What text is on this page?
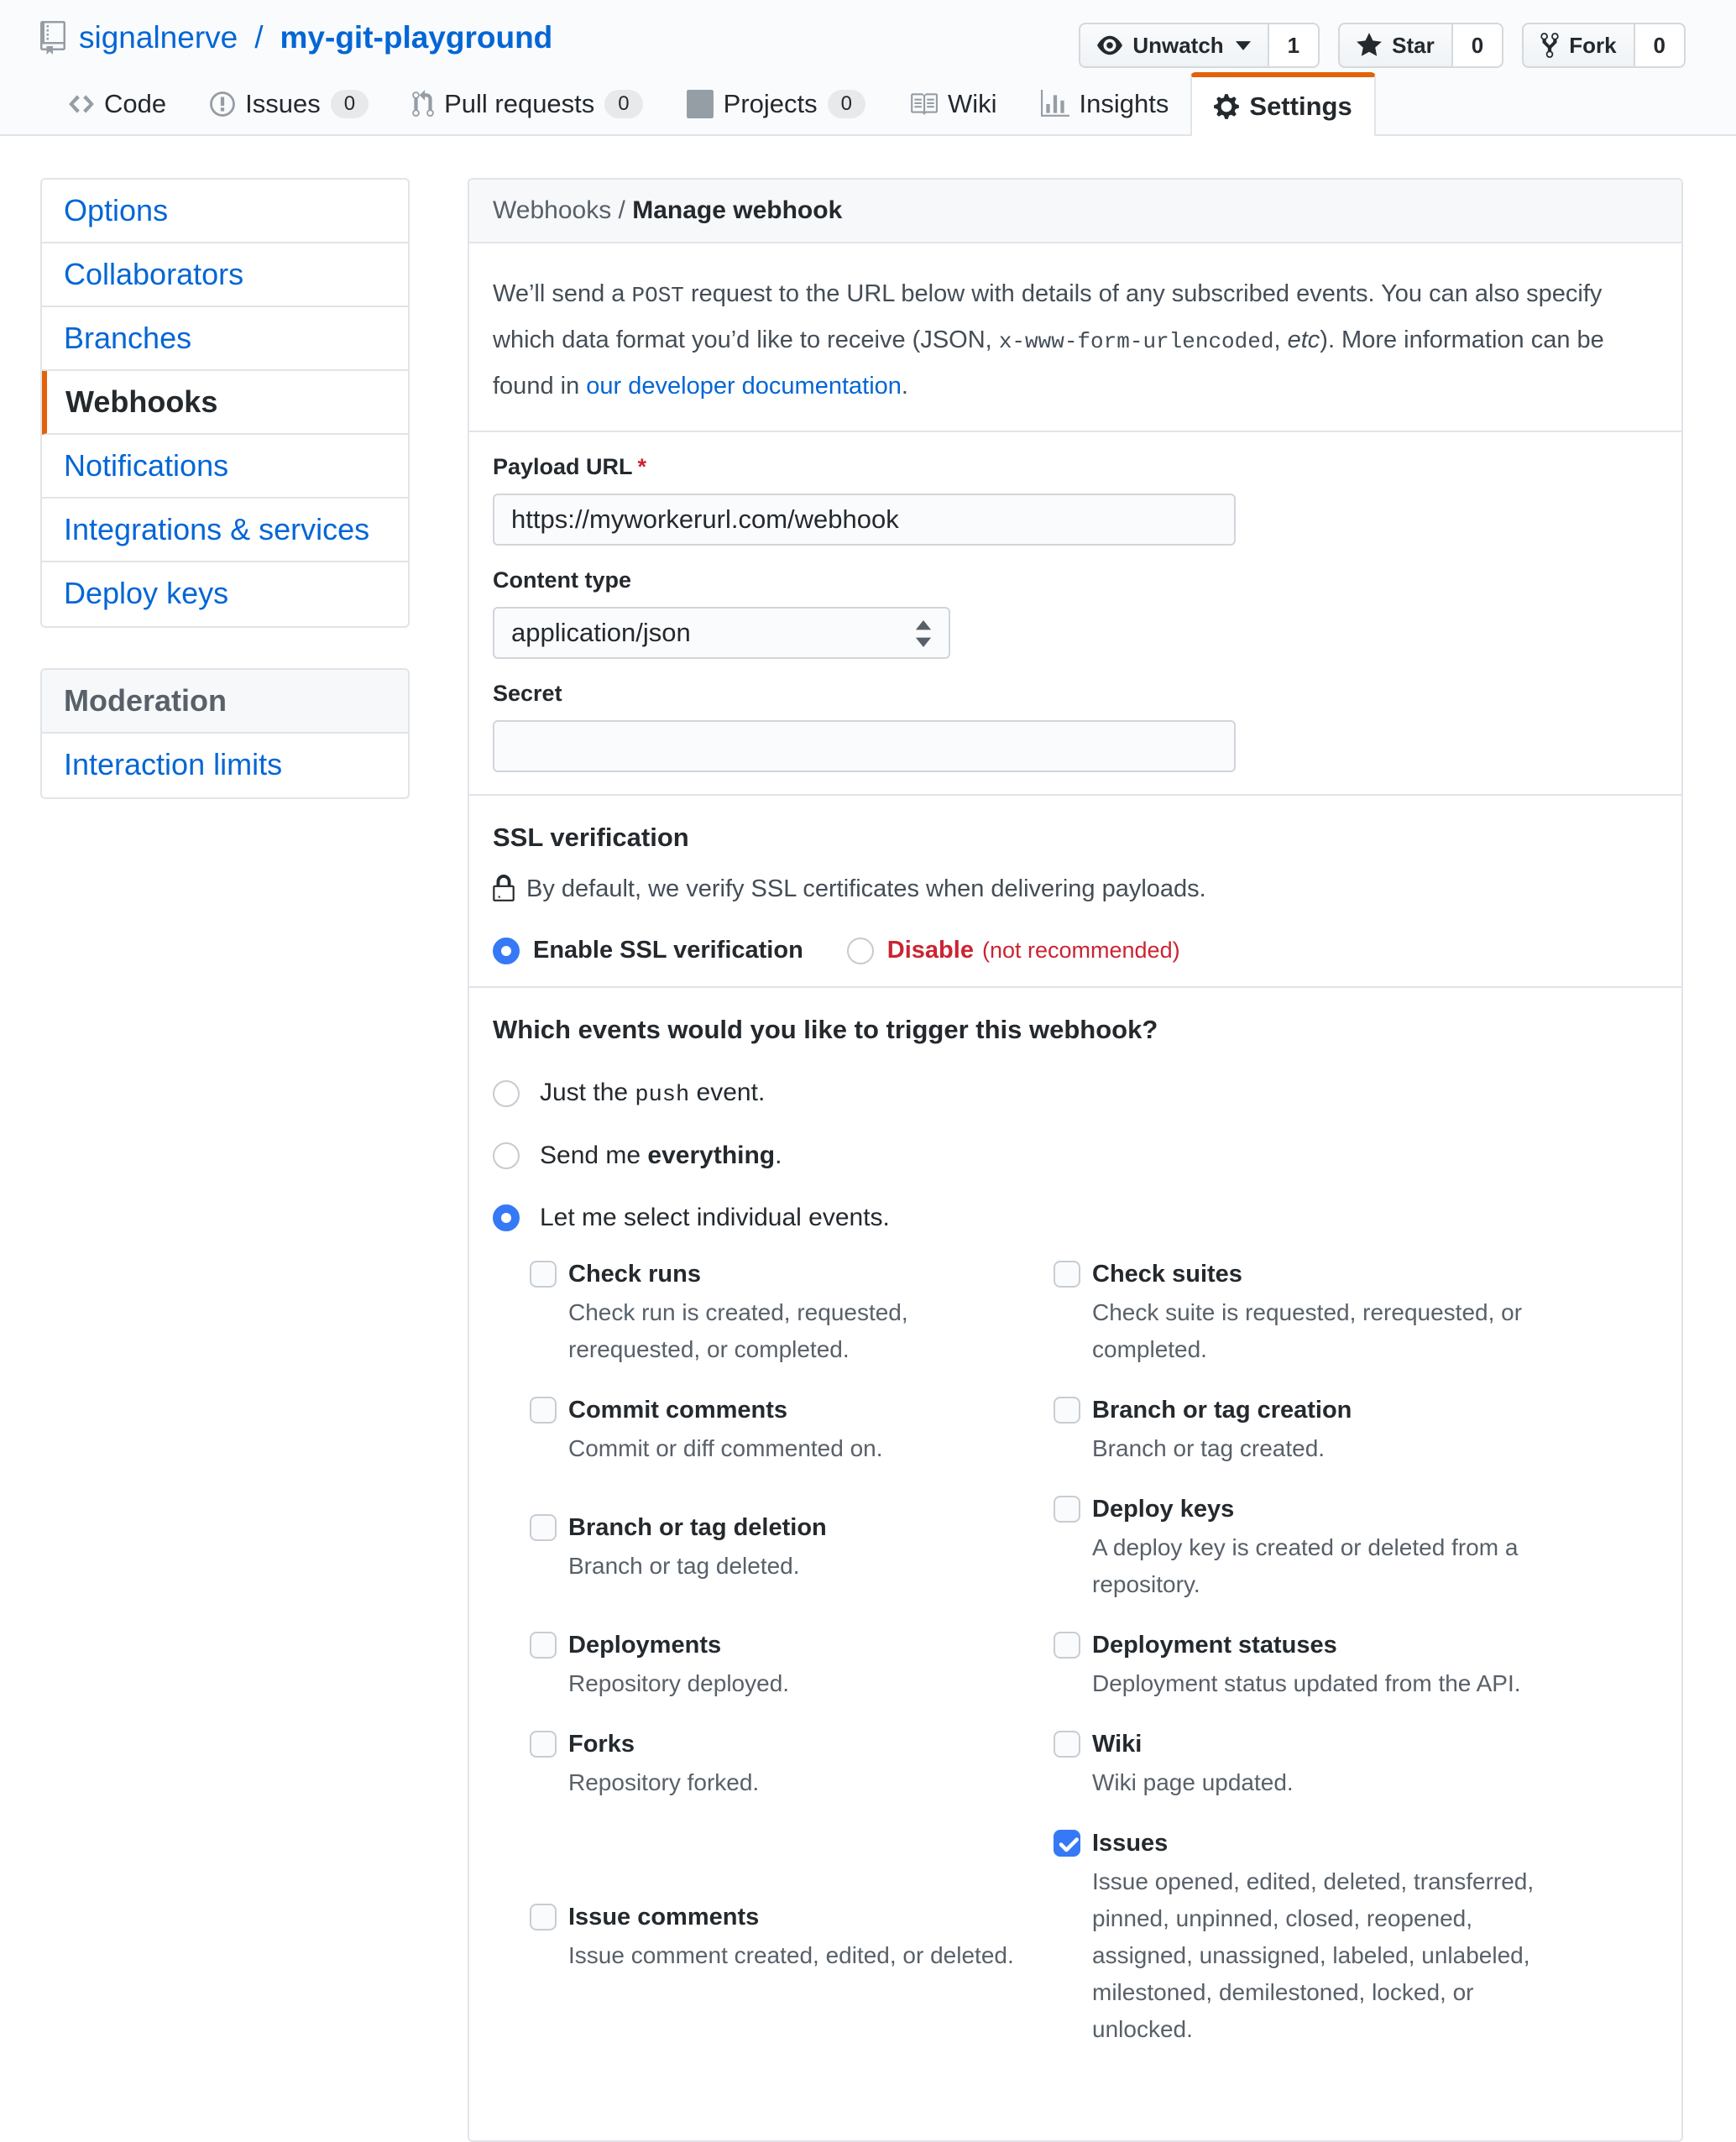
signalnerve / my-git-playground	Unwatch	1	Star	0	Fork	0
Code	Issues	0	Pull requests	0	Projects	0	Wiki	Insights	Settings
Options
Collaborators
Branches
Webhooks
Notifications
Integrations & services
Deploy keys
Moderation
Interaction limits
Webhooks / Manage webhook

We’ll send a POST request to the URL below with details of any subscribed events. You can also specify which data format you’d like to receive (JSON, x-www-form-urlencoded, etc). More information can be found in our developer documentation.

Payload URL *
https://myworkerurl.com/webhook
Content type
application/json
Secret
SSL verification
By default, we verify SSL certificates when delivering payloads.
Enable SSL verification	Disable (not recommended)
Which events would you like to trigger this webhook?
Just the push event.
Send me everything.
Let me select individual events.
Check runs
Check run is created, requested, rerequested, or completed.
Check suites
Check suite is requested, rerequested, or completed.
Commit comments
Commit or diff commented on.
Branch or tag creation
Branch or tag created.
Branch or tag deletion
Branch or tag deleted.
Deploy keys
A deploy key is created or deleted from a repository.
Deployments
Repository deployed.
Deployment statuses
Deployment status updated from the API.
Forks
Repository forked.
Wiki
Wiki page updated.
Issue comments
Issue comment created, edited, or deleted.
Issues
Issue opened, edited, deleted, transferred, pinned, unpinned, closed, reopened, assigned, unassigned, labeled, unlabeled, milestoned, demilestoned, locked, or unlocked.
